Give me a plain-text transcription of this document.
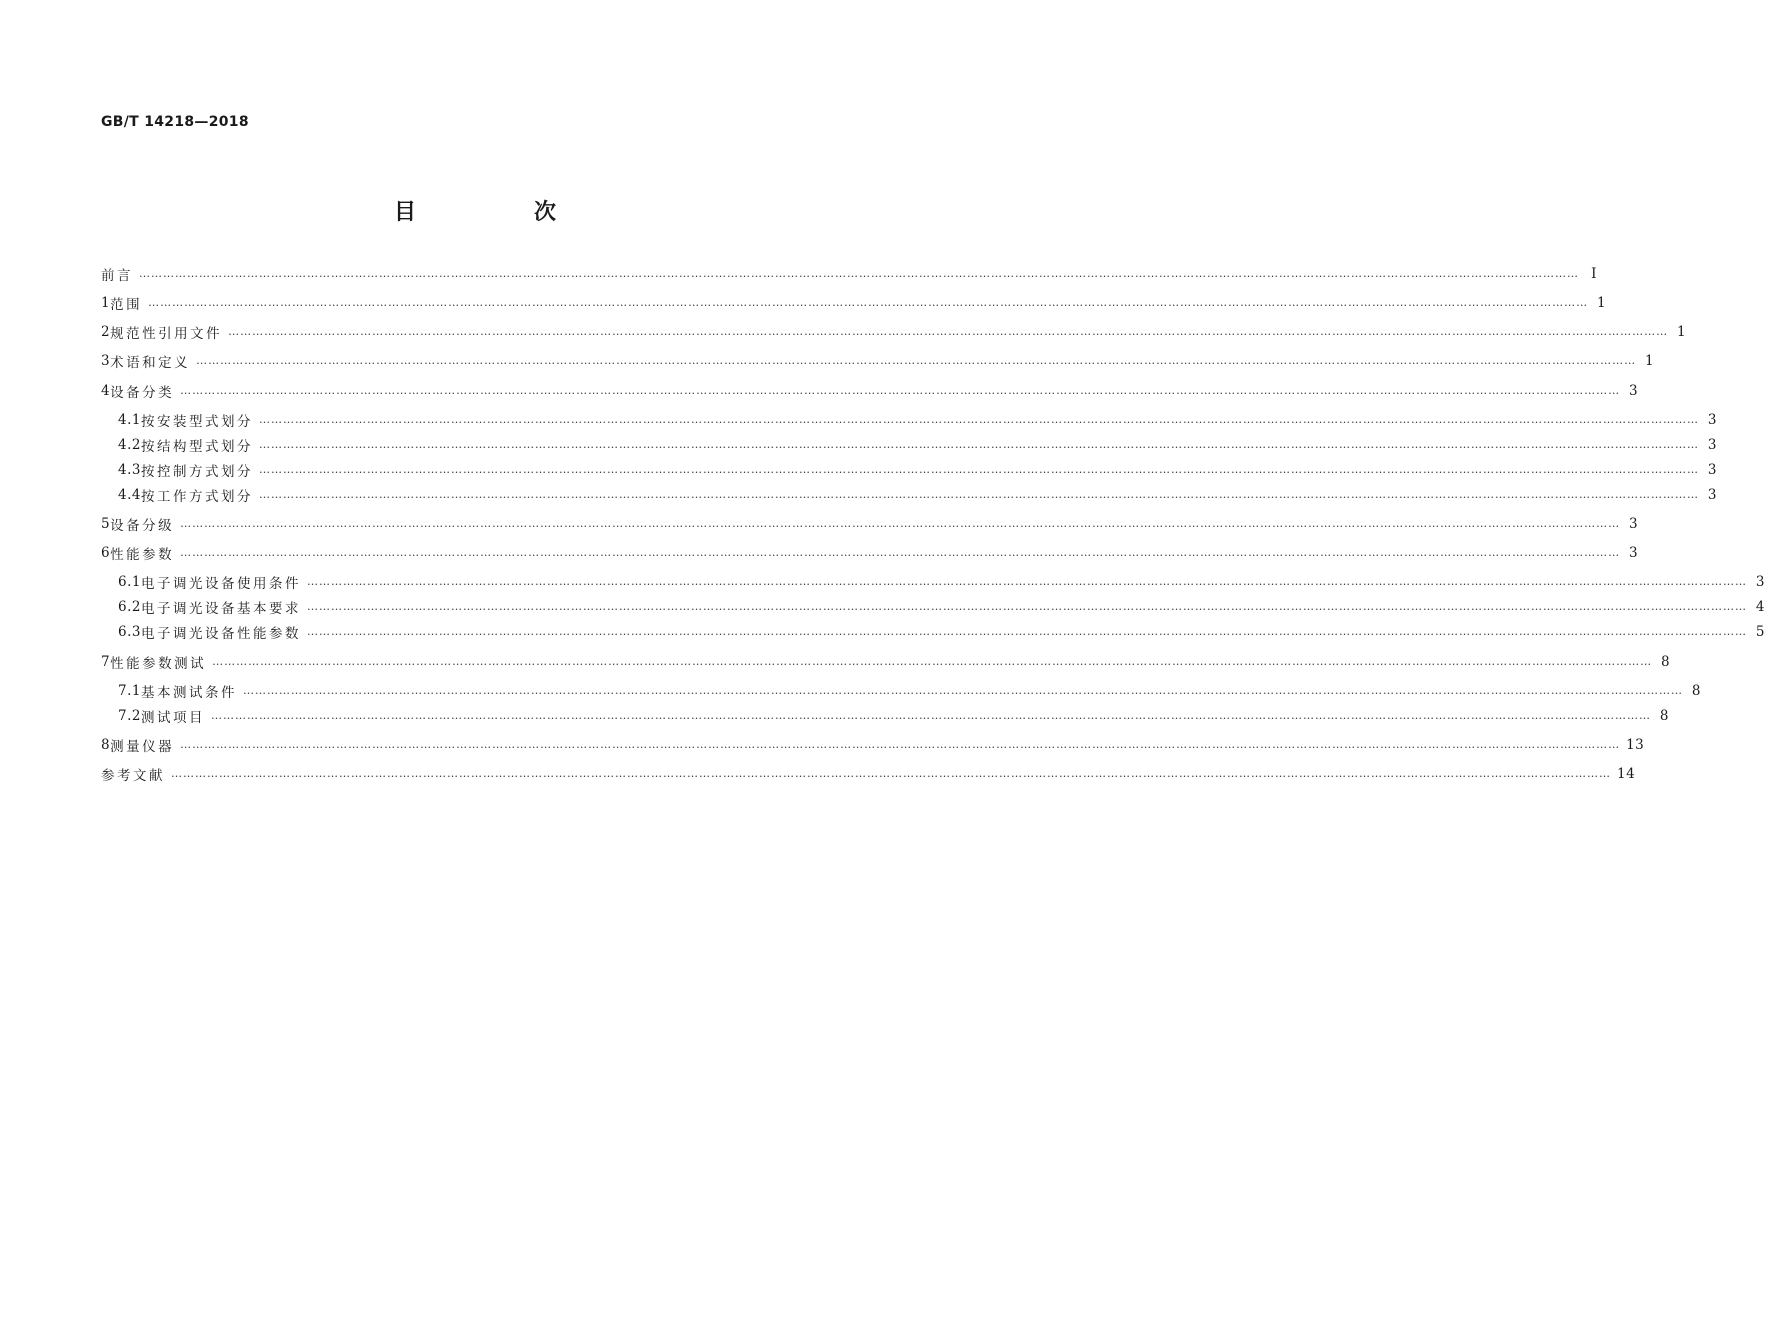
GB/T 14218—2018
目　次
前言 ……………………………………………………………………………………………………………………………………………………………………………………………………………………………………………………………………………………………………………………………… Ⅰ
1 范围 ……………………………………………………………………………………………………………………………………………………………………………………………………………………………………………………………………………………………………………………………… 1
2 规范性引用文件 ……………………………………………………………………………………………………………………………………………………………………………………………………………………………………………………………………………………………………………………………… 1
3 术语和定义 ……………………………………………………………………………………………………………………………………………………………………………………………………………………………………………………………………………………………………………………………… 1
4 设备分类 ……………………………………………………………………………………………………………………………………………………………………………………………………………………………………………………………………………………………………………………………… 3
4.1 按安装型式划分 ……………………………………………………………………………………………………………………………………………………………………………………………………………………………………………………………………………………………………………………………… 3
4.2 按结构型式划分 ……………………………………………………………………………………………………………………………………………………………………………………………………………………………………………………………………………………………………………………………… 3
4.3 按控制方式划分 ……………………………………………………………………………………………………………………………………………………………………………………………………………………………………………………………………………………………………………………………… 3
4.4 按工作方式划分 ……………………………………………………………………………………………………………………………………………………………………………………………………………………………………………………………………………………………………………………………… 3
5 设备分级 ……………………………………………………………………………………………………………………………………………………………………………………………………………………………………………………………………………………………………………………………… 3
6 性能参数 ……………………………………………………………………………………………………………………………………………………………………………………………………………………………………………………………………………………………………………………………… 3
6.1 电子调光设备使用条件 ……………………………………………………………………………………………………………………………………………………………………………………………………………………………………………………………………………………………………………………………… 3
6.2 电子调光设备基本要求 ……………………………………………………………………………………………………………………………………………………………………………………………………………………………………………………………………………………………………………………………… 4
6.3 电子调光设备性能参数 ……………………………………………………………………………………………………………………………………………………………………………………………………………………………………………………………………………………………………………………………… 5
7 性能参数测试 ……………………………………………………………………………………………………………………………………………………………………………………………………………………………………………………………………………………………………………………………… 8
7.1 基本测试条件 ……………………………………………………………………………………………………………………………………………………………………………………………………………………………………………………………………………………………………………………………… 8
7.2 测试项目 ……………………………………………………………………………………………………………………………………………………………………………………………………………………………………………………………………………………………………………………………… 8
8 测量仪器 ……………………………………………………………………………………………………………………………………………………………………………………………………………………………………………………………………………………………………………………………… 13
参考文献 ……………………………………………………………………………………………………………………………………………………………………………………………………………………………………………………………………………………………………………………………… 14
